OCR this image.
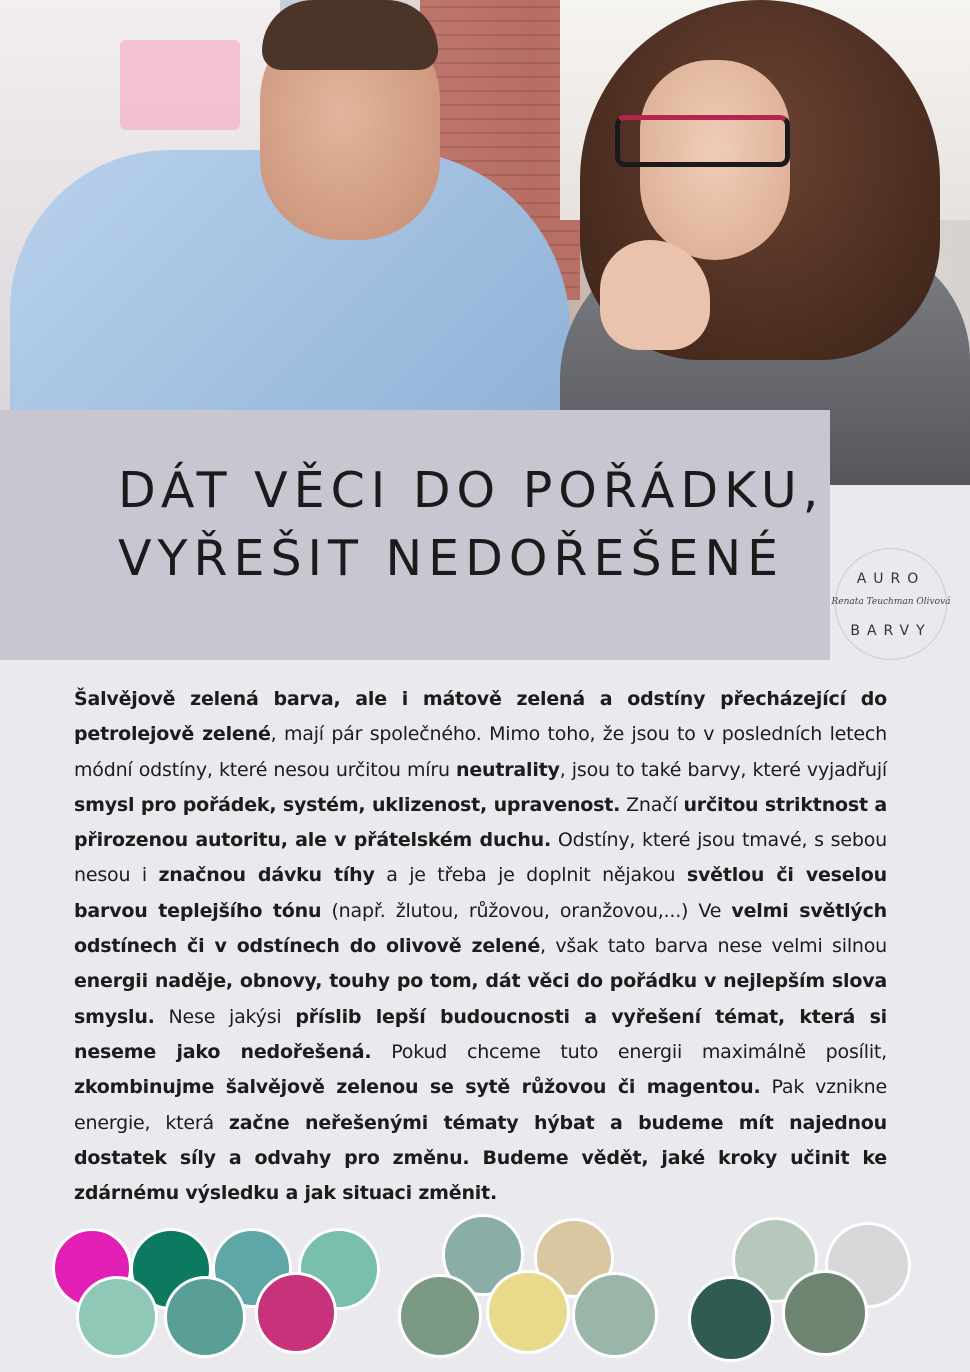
DÁT VĚCI DO POŘÁDKU,
VYŘEŠIT NEDOŘEŠENÉ	AURO
Renata Teuchman Olivová
BARVY

Šalvějově zelená barva, ale i mátově zelená a odstíny přecházející do petrolejově zelené, mají pár společného. Mimo toho, že jsou to v posledních letech módní odstíny, které nesou určitou míru neutrality, jsou to také barvy, které vyjadřují smysl pro pořádek, systém, uklizenost, upravenost. Značí určitou striktnost a přirozenou autoritu, ale v přátelském duchu. Odstíny, které jsou tmavé, s sebou nesou i značnou dávku tíhy a je třeba je doplnit nějakou světlou či veselou barvou teplejšího tónu (např. žlutou, růžovou, oranžovou,...) Ve velmi světlých odstínech či v odstínech do olivově zelené, však tato barva nese velmi silnou energii naděje, obnovy, touhy po tom, dát věci do pořádku v nejlepším slova smyslu. Nese jakýsi příslib lepší budoucnosti a vyřešení témat, která si neseme jako nedořešená. Pokud chceme tuto energii maximálně posílit, zkombinujme šalvějově zelenou se sytě růžovou či magentou. Pak vznikne energie, která začne neřešenými tématy hýbat a budeme mít najednou dostatek síly a odvahy pro změnu. Budeme vědět, jaké kroky učinit ke zdárnému výsledku a jak situaci změnit.
